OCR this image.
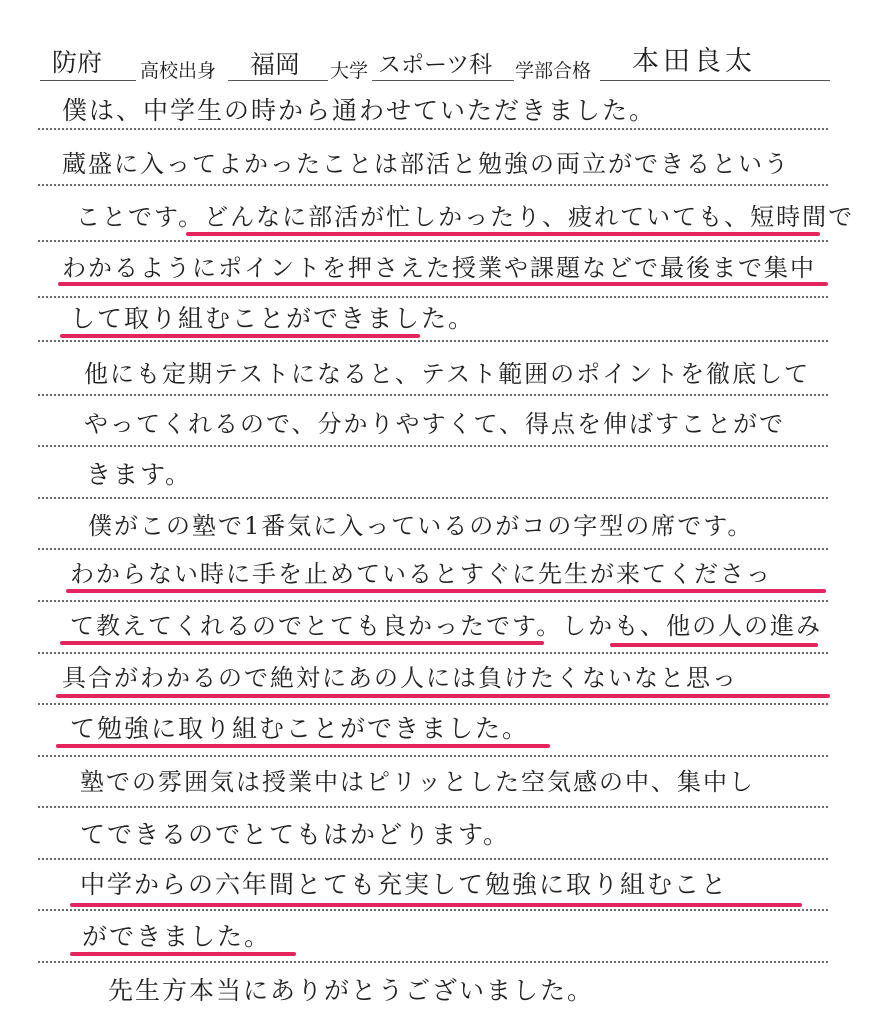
防府 高校出身 福岡 大学 スポーツ科 学部合格 本田良太
僕は、中学生の時から通わせていただきました。
蔵盛に入ってよかったことは部活と勉強の両立ができるという
ことです。どんなに部活が忙しかったり、疲れていても、短時間で
わかるようにポイントを押さえた授業や課題などで最後まで集中
して取り組むことができました。
他にも定期テストになると、テスト範囲のポイントを徹底して
やってくれるので、分かりやすくて、得点を伸ばすことがで
きます。
僕がこの塾で1番気に入っているのがコの字型の席です。
わからない時に手を止めているとすぐに先生が来てくださっ
て教えてくれるのでとても良かったです。しかも、他の人の進み
具合がわかるので絶対にあの人には負けたくないなと思っ
て勉強に取り組むことができました。
塾での雰囲気は授業中はピリッとした空気感の中、集中し
てできるのでとてもはかどります。
中学からの六年間とても充実して勉強に取り組むこと
ができました。
先生方本当にありがとうございました。
